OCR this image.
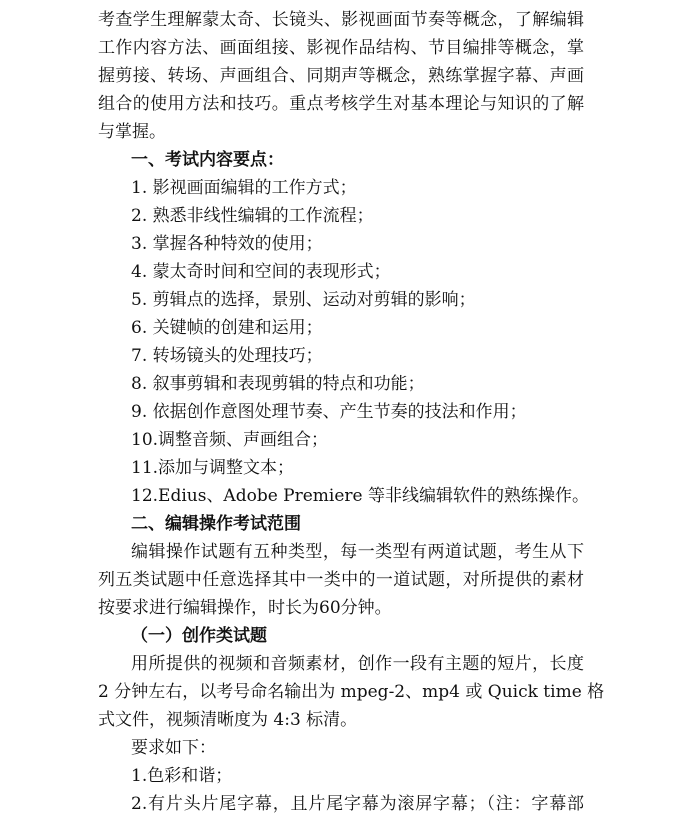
考查学生理解蒙太奇、长镜头、影视画面节奏等概念，了解编辑
工作内容方法、画面组接、影视作品结构、节目编排等概念，掌
握剪接、转场、声画组合、同期声等概念，熟练掌握字幕、声画
组合的使用方法和技巧。重点考核学生对基本理论与知识的了解
与掌握。
一、考试内容要点：
1. 影视画面编辑的工作方式；
2. 熟悉非线性编辑的工作流程；
3. 掌握各种特效的使用；
4. 蒙太奇时间和空间的表现形式；
5. 剪辑点的选择，景别、运动对剪辑的影响；
6. 关键帧的创建和运用；
7. 转场镜头的处理技巧；
8. 叙事剪辑和表现剪辑的特点和功能；
9. 依据创作意图处理节奏、产生节奏的技法和作用；
10.调整音频、声画组合；
11.添加与调整文本；
12.Edius、Adobe Premiere 等非线编辑软件的熟练操作。
二、编辑操作考试范围
编辑操作试题有五种类型，每一类型有两道试题，考生从下
列五类试题中任意选择其中一类中的一道试题，对所提供的素材
按要求进行编辑操作，时长为60分钟。
（一）创作类试题
用所提供的视频和音频素材，创作一段有主题的短片，长度
2 分钟左右，以考号命名输出为 mpeg-2、mp4 或 Quick time 格
式文件，视频清晰度为 4:3 标清。
要求如下：
1.色彩和谐；
2.有片头片尾字幕，且片尾字幕为滚屏字幕；（注：字幕部
